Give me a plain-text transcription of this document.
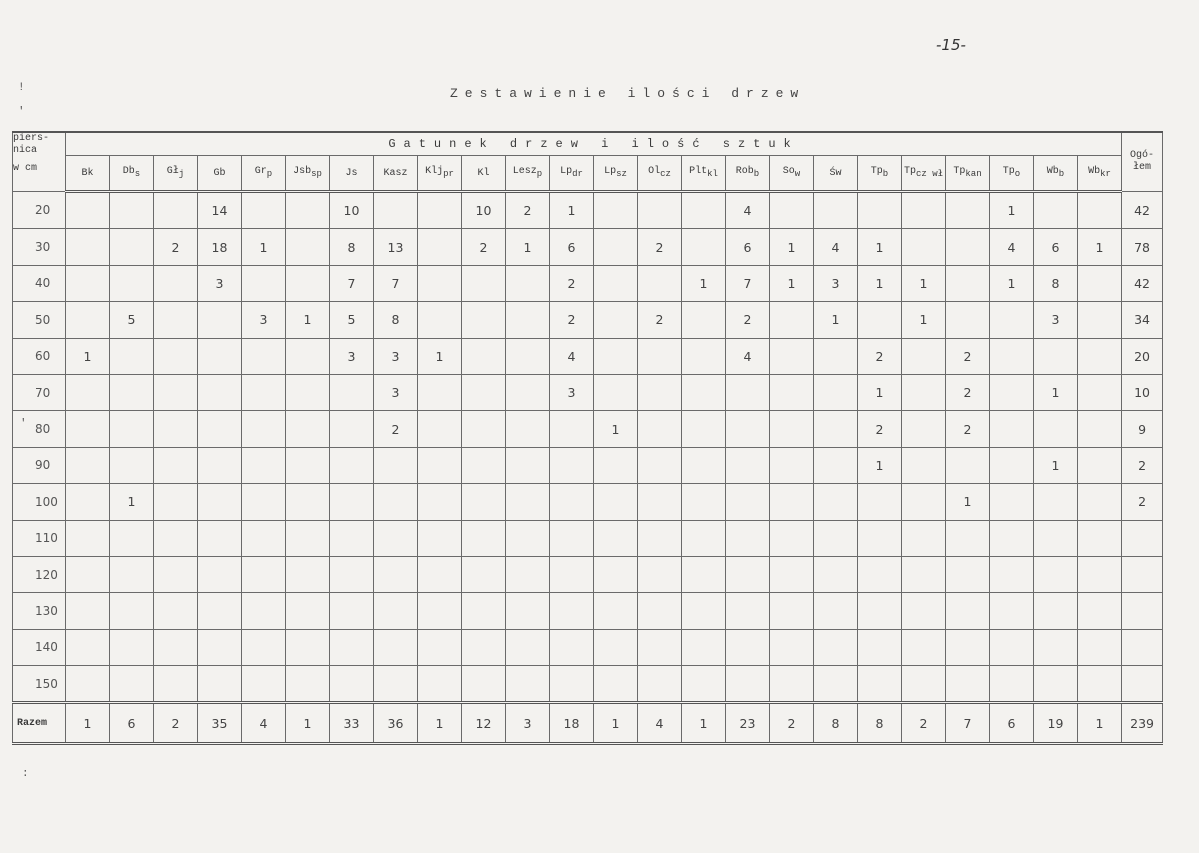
-15-
Zestawienie ilości drzew
!
'
'
:
piers-
nica
w cm	Gatunek drzew i ilość sztuk																								Ogó-łem
	Bk	$Db_s$	$Gł_j$	Gb	$Gr_p$	Jsb$_{sp}$	Js	Kasz	Klj$_{pr}$	Kl	Lesz$_p$	$Lp_{dr}$	$Lp_{sz}$	$Ol_{cz}$	Plt$_{kl}$	Rob$_b$	$So_w$	Św	$Tp_b$	$Tp_{cz wł}$	$Tp_{kan}$	$Tp_o$	$Wb_b$	$Wb_{kr}$
20				14			10			10	2	1				4						1			42
30			2	18	1		8	13		2	1	6		2		6	1	4	1			4	6	1	78
40				3			7	7				2			1	7	1	3	1	1		1	8		42
50		5			3	1	5	8				2		2		2		1		1			3		34
60	1						3	3	1			4				4			2		2				20
70								3				3							1		2		1		10
80								2					1						2		2				9
90																			1				1		2
100		1																			1				2
110																									
120																									
130																									
140																									
150																									
Razem	1	6	2	35	4	1	33	36	1	12	3	18	1	4	1	23	2	8	8	2	7	6	19	1	239
